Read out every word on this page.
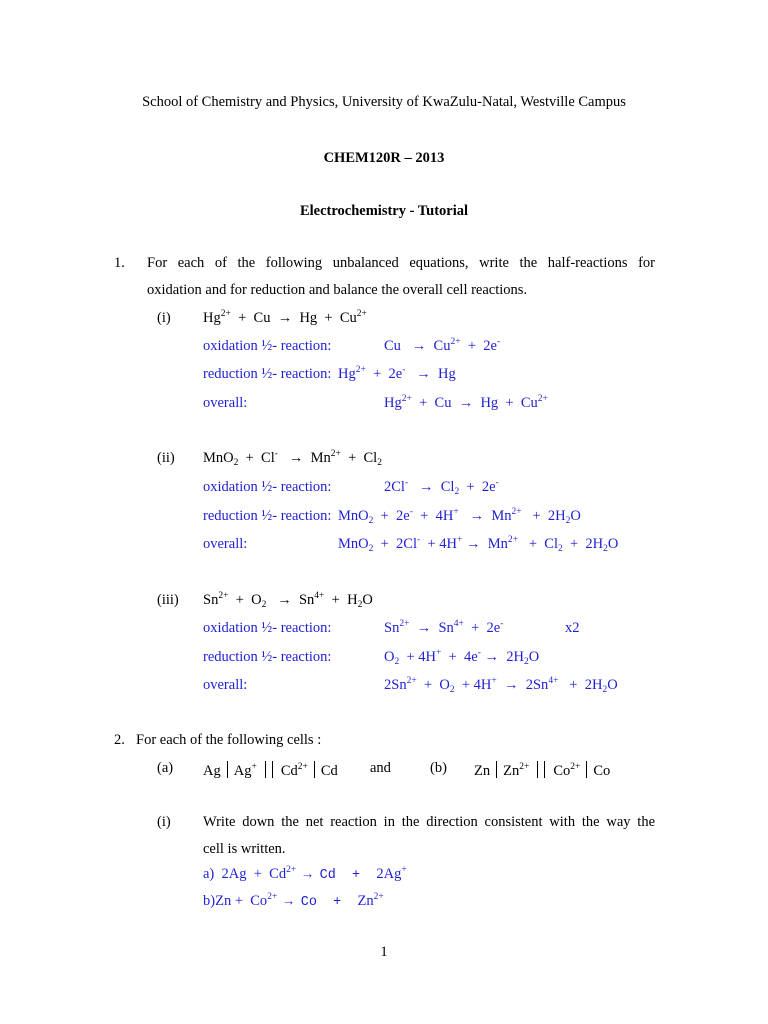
School of Chemistry and Physics, University of KwaZulu-Natal, Westville Campus
CHEM120R – 2013
Electrochemistry - Tutorial
1. For each of the following unbalanced equations, write the half-reactions for
oxidation and for reduction and balance the overall cell reactions.
(i) $Hg^{2+} + Cu \to Hg + Cu^{2+}$
oxidation ½- reaction:	$Cu \to Cu^{2+} + 2e^-$
reduction ½- reaction: $Hg^{2+} + 2e^- \to Hg$
overall:	$Hg^{2+} + Cu \to Hg + Cu^{2+}$
(ii) $MnO_2 + Cl^- \to Mn^{2+} + Cl_2$
oxidation ½- reaction:	$2Cl^- \to Cl_2 + 2e^-$
reduction ½- reaction: $MnO_2 + 2e^- + 4H^+ \to Mn^{2+} + 2H_2O$
overall:	$MnO_2 + 2Cl^- + 4H^+ \to Mn^{2+} + Cl_2 + 2H_2O$
(iii) $Sn^{2+} + O_2 \to Sn^{4+} + H_2O$
oxidation ½- reaction:	$Sn^{2+} \to Sn^{4+} + 2e^-$	x2
reduction ½- reaction:	$O_2 + 4H^+ + 4e^- \to 2H_2O$
overall:	$2Sn^{2+} + O_2 + 4H^+ \to 2Sn^{4+} + 2H_2O$
2. For each of the following cells :
(a) Ag Ag+ $Cd^{2+}$ Cd and	(b) Zn $Zn^{2+}$ $Co^{2+}$ Co
(i) Write down the net reaction in the direction consistent with the way the
cell is written.
a)  $2Ag + Cd^{2+} \to Cd + 2Ag^+$
$b)Zn + Co^{2+} \to Co + Zn^{2+}$
1
